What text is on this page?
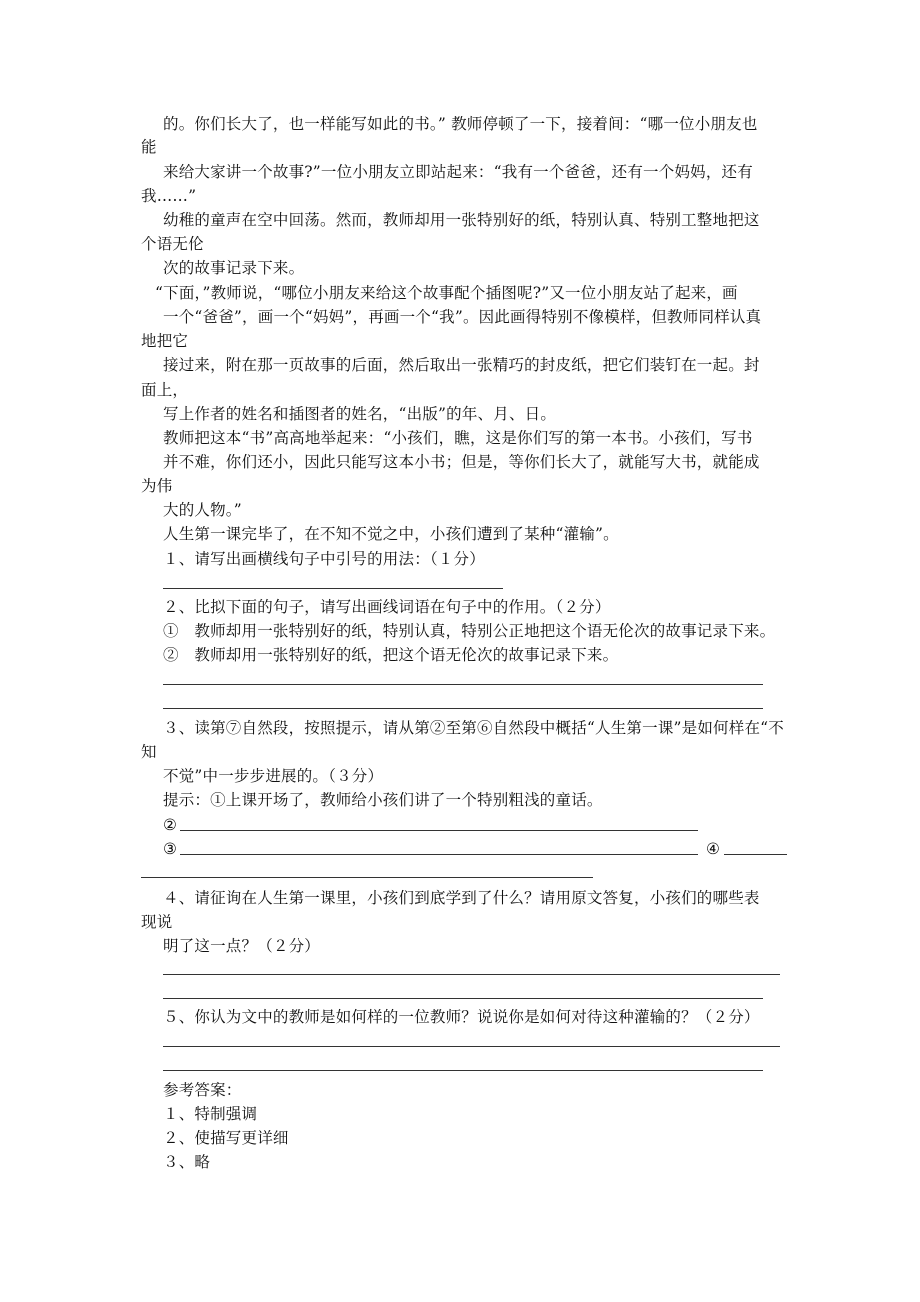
的。你们长大了，也一样能写如此的书。” 教师停顿了一下，接着间：“哪一位小朋友也
能
来给大家讲一个故事?”一位小朋友立即站起来：“我有一个爸爸，还有一个妈妈，还有
我……”
幼稚的童声在空中回荡。然而，教师却用一张特别好的纸，特别认真、特别工整地把这
个语无伦
次的故事记录下来。
“下面，”教师说，“哪位小朋友来给这个故事配个插图呢?”又一位小朋友站了起来，画
一个“爸爸”，画一个“妈妈”，再画一个“我”。因此画得特别不像模样，但教师同样认真
地把它
接过来，附在那一页故事的后面，然后取出一张精巧的封皮纸，把它们装钉在一起。封
面上，
写上作者的姓名和插图者的姓名，“出版”的年、月、日。
教师把这本“书”高高地举起来：“小孩们，瞧，这是你们写的第一本书。小孩们，写书
并不难，你们还小，因此只能写这本小书；但是，等你们长大了，就能写大书，就能成
为伟
大的人物。”
人生第一课完毕了，在不知不觉之中，小孩们遭到了某种“灌输”。
１、请写出画横线句子中引号的用法：（１分）
２、比拟下面的句子，请写出画线词语在句子中的作用。（２分）
①　教师却用一张特别好的纸，特别认真，特别公正地把这个语无伦次的故事记录下来。
②　教师却用一张特别好的纸，把这个语无伦次的故事记录下来。
３、读第⑦自然段，按照提示，请从第②至第⑥自然段中概括“人生第一课”是如何样在“不
知
不觉”中一步步进展的。（３分）
提示：①上课开场了，教师给小孩们讲了一个特别粗浅的童话。
②
③	④
４、请征询在人生第一课里，小孩们到底学到了什么？请用原文答复，小孩们的哪些表
现说
明了这一点？（２分）
５、你认为文中的教师是如何样的一位教师？说说你是如何对待这种灌输的？（２分）
参考答案：
１、特制强调
２、使描写更详细
３、略
